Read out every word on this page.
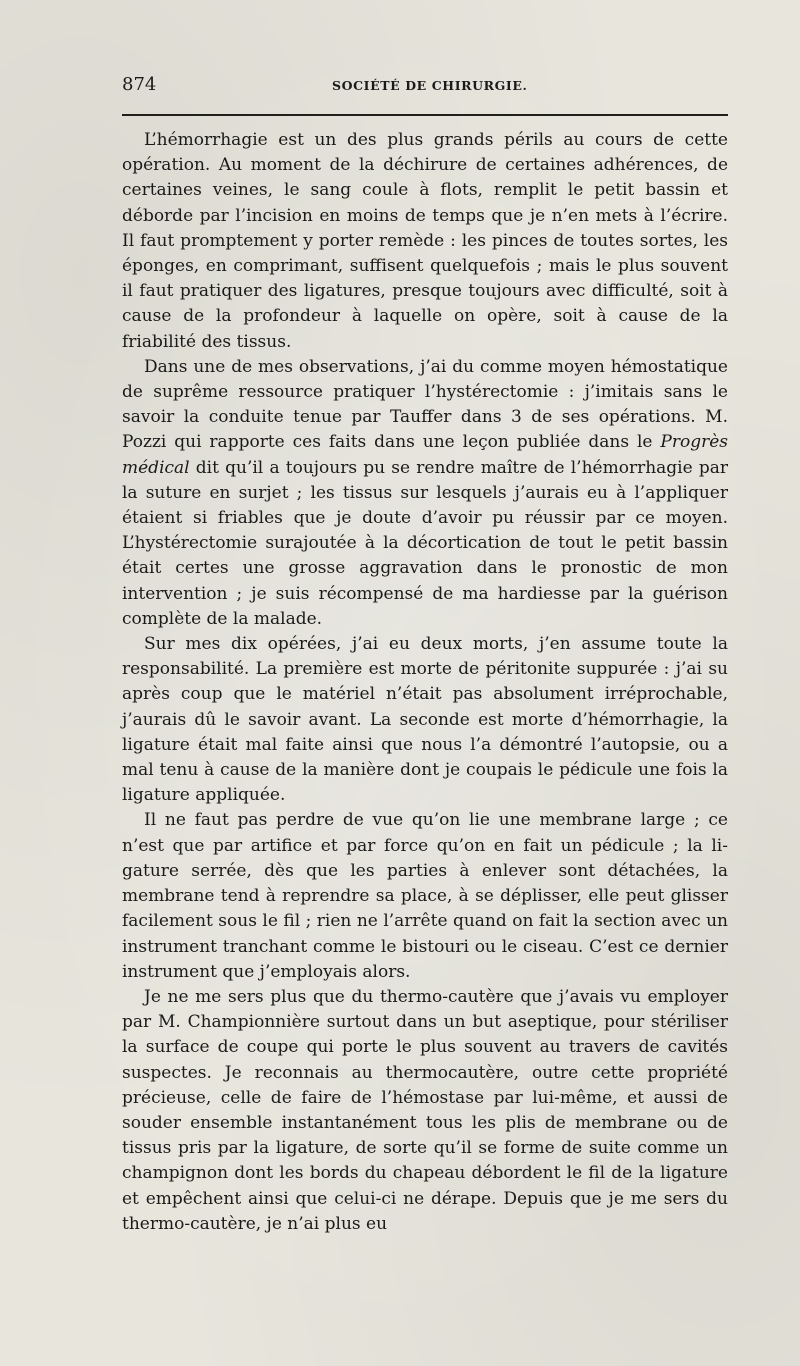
874	SOCIÉTÉ DE CHIRURGIE.

L’hémorrhagie est un des plus grands périls au cours de cette opération. Au moment de la déchirure de certaines adhérences, de certaines veines, le sang coule à flots, remplit le petit bassin et déborde par l’incision en moins de temps que je n’en mets à l’écrire. Il faut promptement y porter remède : les pinces de toutes sortes, les éponges, en comprimant, suffisent quelquefois ; mais le plus souvent il faut pratiquer des ligatures, presque toujours avec difficulté, soit à cause de la profondeur à laquelle on opère, soit à cause de la friabilité des tissus.

Dans une de mes observations, j’ai du comme moyen hémostatique de suprême ressource pratiquer l’hystérectomie : j’imitais sans le savoir la conduite tenue par Tauffer dans 3 de ses opérations. M. Pozzi qui rapporte ces faits dans une leçon publiée dans le Progrès médical dit qu’il a toujours pu se rendre maître de l’hémorrhagie par la suture en surjet ; les tissus sur lesquels j’aurais eu à l’appliquer étaient si friables que je doute d’avoir pu réussir par ce moyen. L’hystérectomie surajoutée à la décortication de tout le petit bassin était certes une grosse aggravation dans le pronostic de mon intervention ; je suis récompensé de ma hardiesse par la guérison complète de la malade.

Sur mes dix opérées, j’ai eu deux morts, j’en assume toute la responsabilité. La première est morte de péritonite suppurée : j’ai su après coup que le matériel n’était pas absolument irréprochable, j’aurais dû le savoir avant. La seconde est morte d’hémorrhagie, la ligature était mal faite ainsi que nous l’a démontré l’autopsie, ou a mal tenu à cause de la manière dont je coupais le pédicule une fois la ligature appliquée.

Il ne faut pas perdre de vue qu’on lie une membrane large ; ce n’est que par artifice et par force qu’on en fait un pédicule ; la ligature serrée, dès que les parties à enlever sont détachées, la membrane tend à reprendre sa place, à se déplisser, elle peut glisser facilement sous le fil ; rien ne l’arrête quand on fait la section avec un instrument tranchant comme le bistouri ou le ciseau. C’est ce dernier instrument que j’employais alors.

Je ne me sers plus que du thermo-cautère que j’avais vu employer par M. Championnière surtout dans un but aseptique, pour stériliser la surface de coupe qui porte le plus souvent au travers de cavités suspectes. Je reconnais au thermocautère, outre cette propriété précieuse, celle de faire de l’hémostase par lui-même, et aussi de souder ensemble instantanément tous les plis de membrane ou de tissus pris par la ligature, de sorte qu’il se forme de suite comme un champignon dont les bords du chapeau débordent le fil de la ligature et empêchent ainsi que celui-ci ne dérape. Depuis que je me sers du thermo-cautère, je n’ai plus eu
